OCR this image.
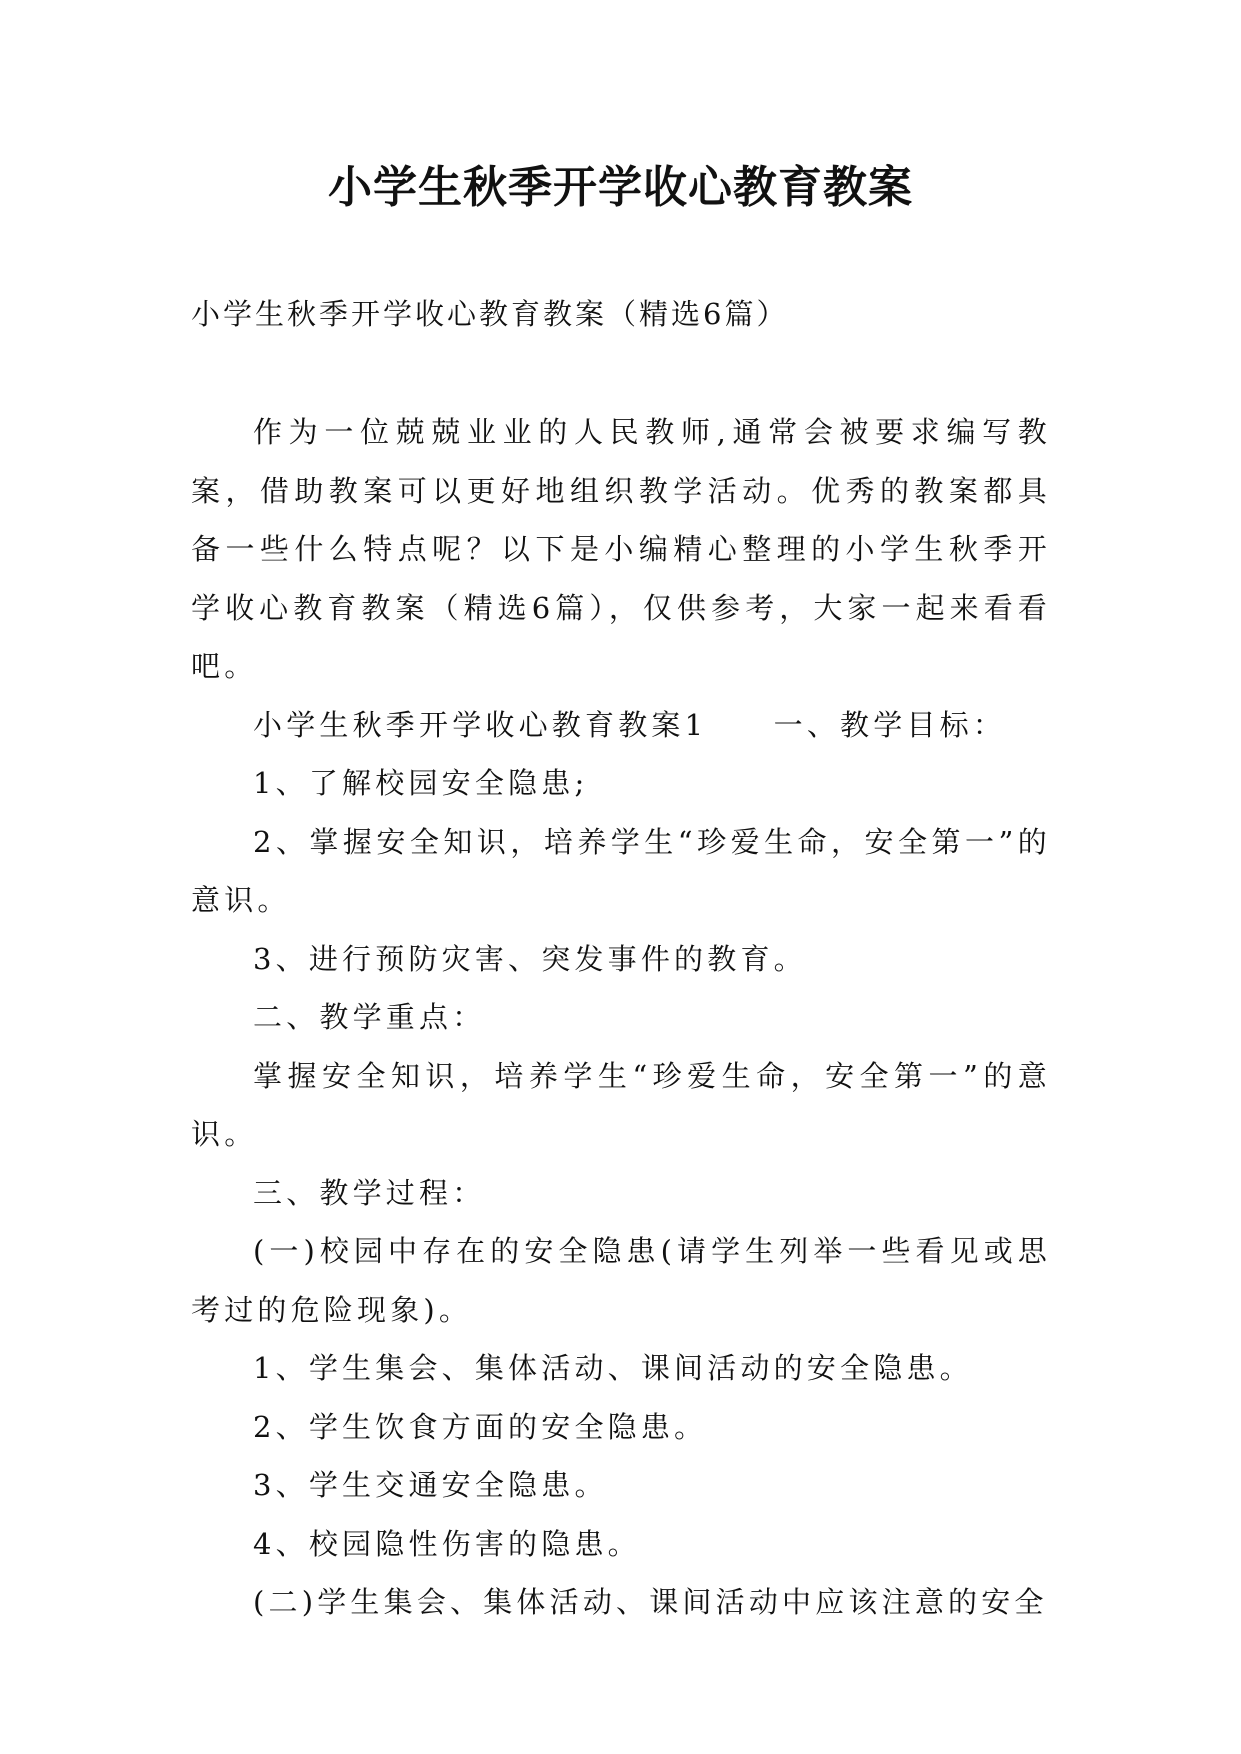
小学生秋季开学收心教育教案
小学生秋季开学收心教育教案（精选6篇）

作为一位兢兢业业的人民教师,通常会被要求编写教案，借助教案可以更好地组织教学活动。优秀的教案都具备一些什么特点呢？以下是小编精心整理的小学生秋季开学收心教育教案（精选6篇），仅供参考，大家一起来看看吧。

小学生秋季开学收心教育教案1　　一、教学目标：

1、了解校园安全隐患;

2、掌握安全知识，培养学生“珍爱生命，安全第一”的意识。

3、进行预防灾害、突发事件的教育。

二、教学重点：

掌握安全知识，培养学生“珍爱生命，安全第一”的意识。

三、教学过程：

(一)校园中存在的安全隐患(请学生列举一些看见或思考过的危险现象)。

1、学生集会、集体活动、课间活动的安全隐患。

2、学生饮食方面的安全隐患。

3、学生交通安全隐患。

4、校园隐性伤害的隐患。

(二)学生集会、集体活动、课间活动中应该注意的安全
